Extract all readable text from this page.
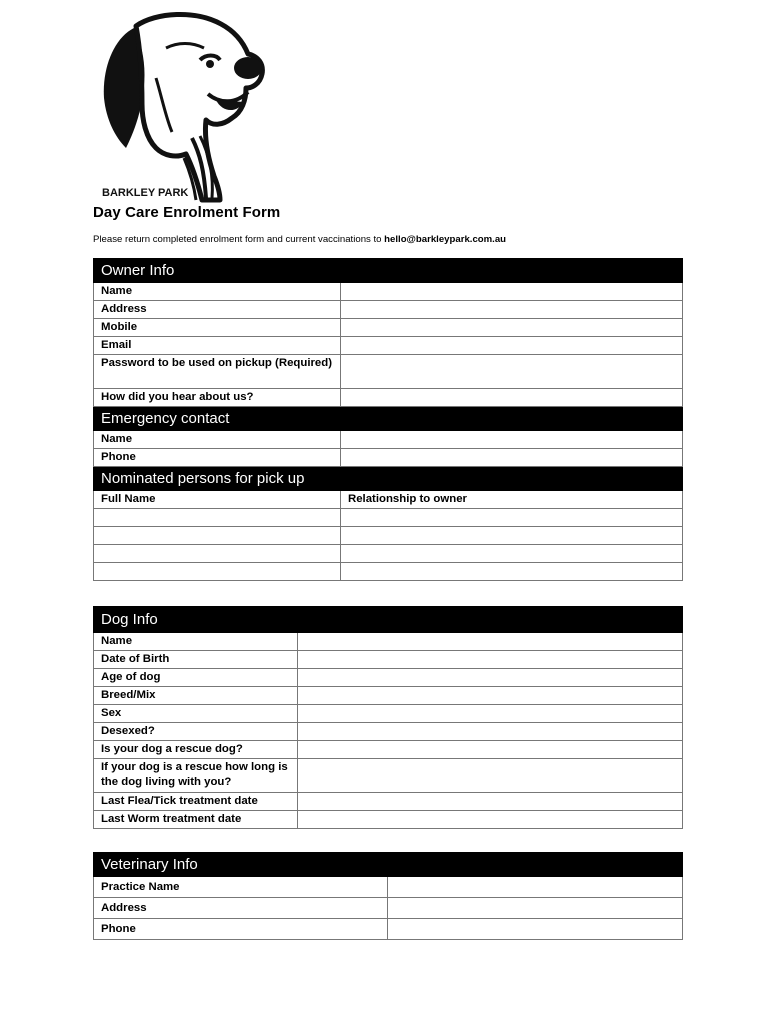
BARKLEY PARK
Day Care Enrolment Form
Please return completed enrolment form and current vaccinations to hello@barkleypark.com.au
Owner Info	
Name	
Address	
Mobile	
Email	
Password to be used on pickup (Required)	
How did you hear about us?	
Emergency contact	
Name	
Phone	
Nominated persons for pick up	
Full Name	Relationship to owner

Dog Info	
Name	
Date of Birth	
Age of dog	
Breed/Mix	
Sex	
Desexed?	
Is your dog a rescue dog?	
If your dog is a rescue how long is the dog living with you?	
Last Flea/Tick treatment date	
Last Worm treatment date	
Veterinary Info	
Practice Name	
Address	
Phone	
